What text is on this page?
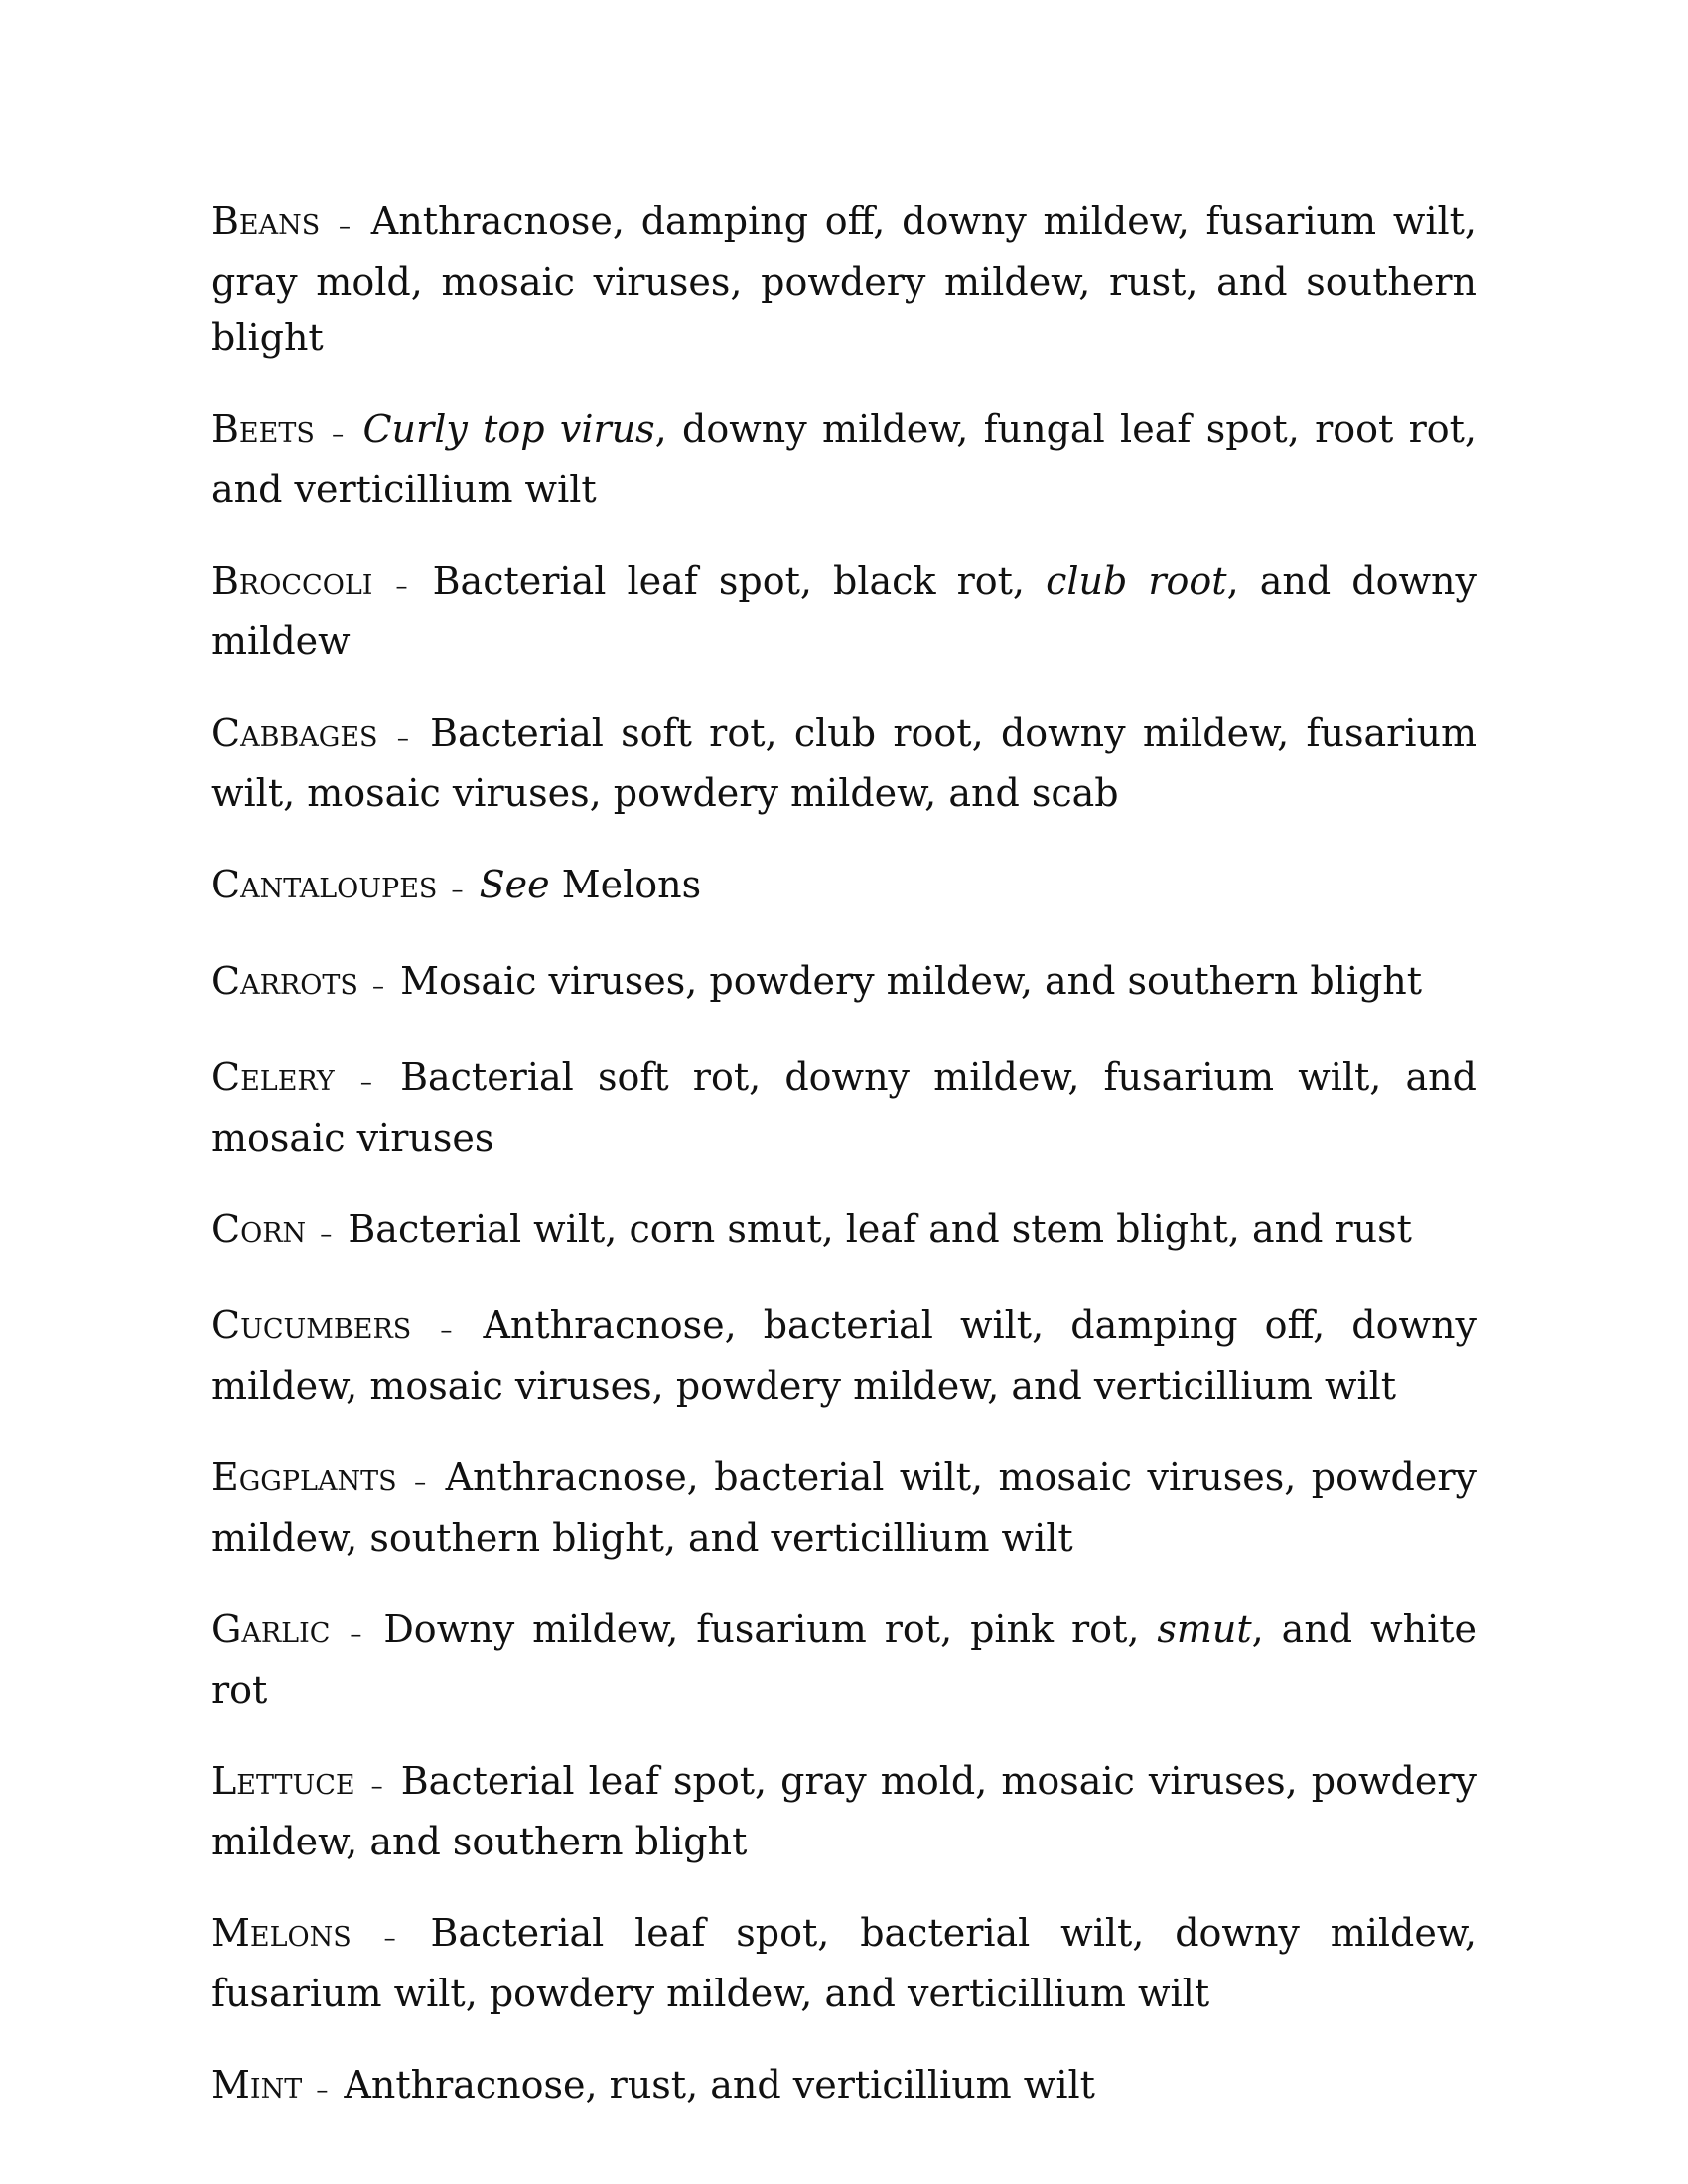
Beans – Anthracnose, damping off, downy mildew, fusarium wilt, gray mold, mosaic viruses, powdery mildew, rust, and southern blight

Beets – Curly top virus, downy mildew, fungal leaf spot, root rot, and verticillium wilt

Broccoli – Bacterial leaf spot, black rot, club root, and downy mildew

Cabbages – Bacterial soft rot, club root, downy mildew, fusarium wilt, mosaic viruses, powdery mildew, and scab

Cantaloupes – See Melons

Carrots – Mosaic viruses, powdery mildew, and southern blight

Celery – Bacterial soft rot, downy mildew, fusarium wilt, and mosaic viruses

Corn – Bacterial wilt, corn smut, leaf and stem blight, and rust

Cucumbers – Anthracnose, bacterial wilt, damping off, downy mildew, mosaic viruses, powdery mildew, and verticillium wilt

Eggplants – Anthracnose, bacterial wilt, mosaic viruses, powdery mildew, southern blight, and verticillium wilt

Garlic – Downy mildew, fusarium rot, pink rot, smut, and white rot

Lettuce – Bacterial leaf spot, gray mold, mosaic viruses, powdery mildew, and southern blight

Melons – Bacterial leaf spot, bacterial wilt, downy mildew, fusarium wilt, powdery mildew, and verticillium wilt

Mint – Anthracnose, rust, and verticillium wilt
